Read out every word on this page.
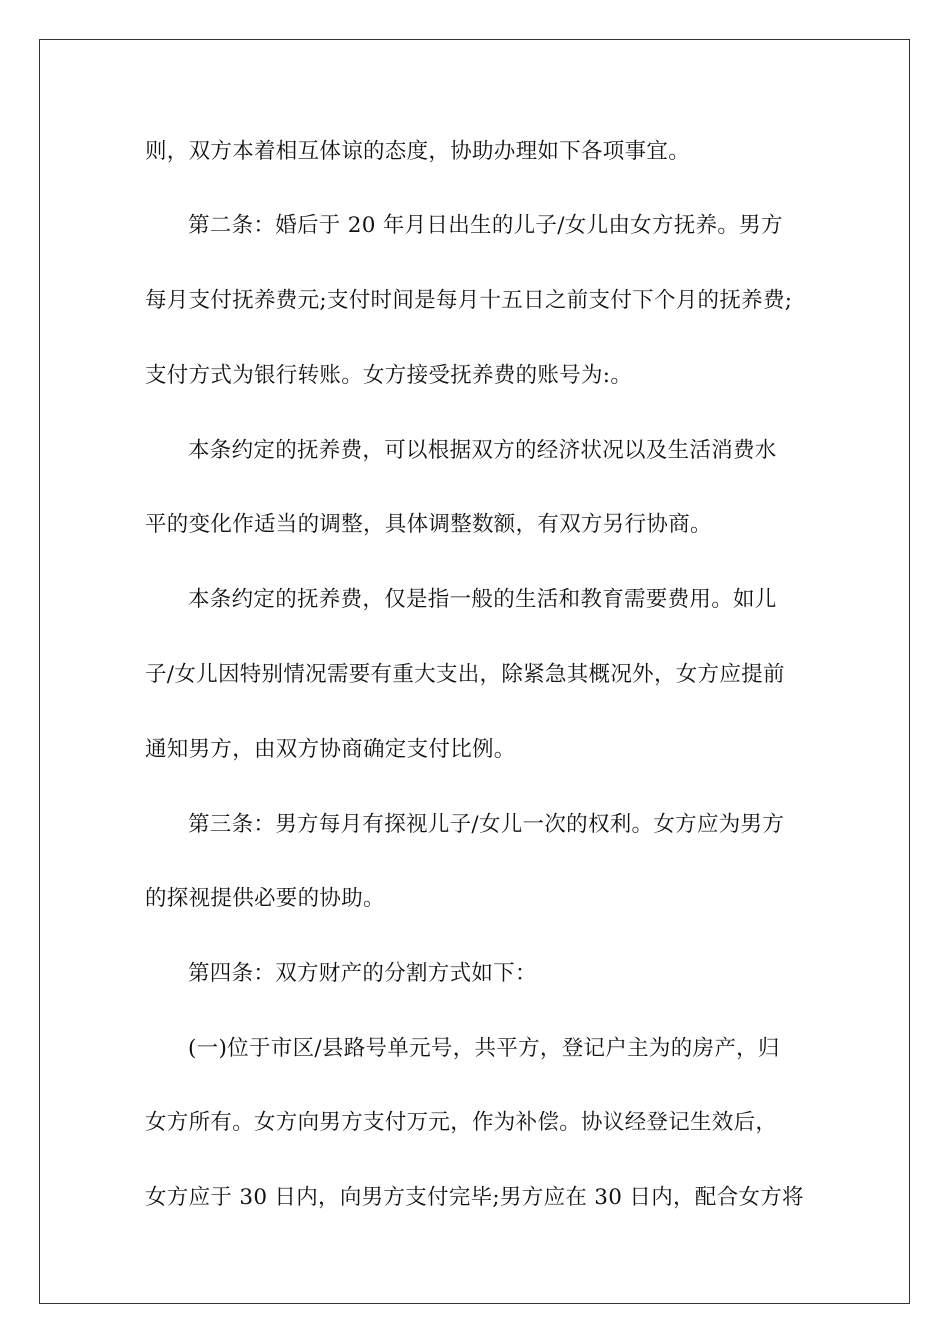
则，双方本着相互体谅的态度，协助办理如下各项事宜。

第二条：婚后于 20 年月日出生的儿子/女儿由女方抚养。男方

每月支付抚养费元;支付时间是每月十五日之前支付下个月的抚养费;

支付方式为银行转账。女方接受抚养费的账号为:。

本条约定的抚养费，可以根据双方的经济状况以及生活消费水

平的变化作适当的调整，具体调整数额，有双方另行协商。

本条约定的抚养费，仅是指一般的生活和教育需要费用。如儿

子/女儿因特别情况需要有重大支出，除紧急其概况外，女方应提前

通知男方，由双方协商确定支付比例。

第三条：男方每月有探视儿子/女儿一次的权利。女方应为男方

的探视提供必要的协助。

第四条：双方财产的分割方式如下：

(一)位于市区/县路号单元号，共平方，登记户主为的房产，归

女方所有。女方向男方支付万元，作为补偿。协议经登记生效后，

女方应于 30 日内，向男方支付完毕;男方应在 30 日内，配合女方将
